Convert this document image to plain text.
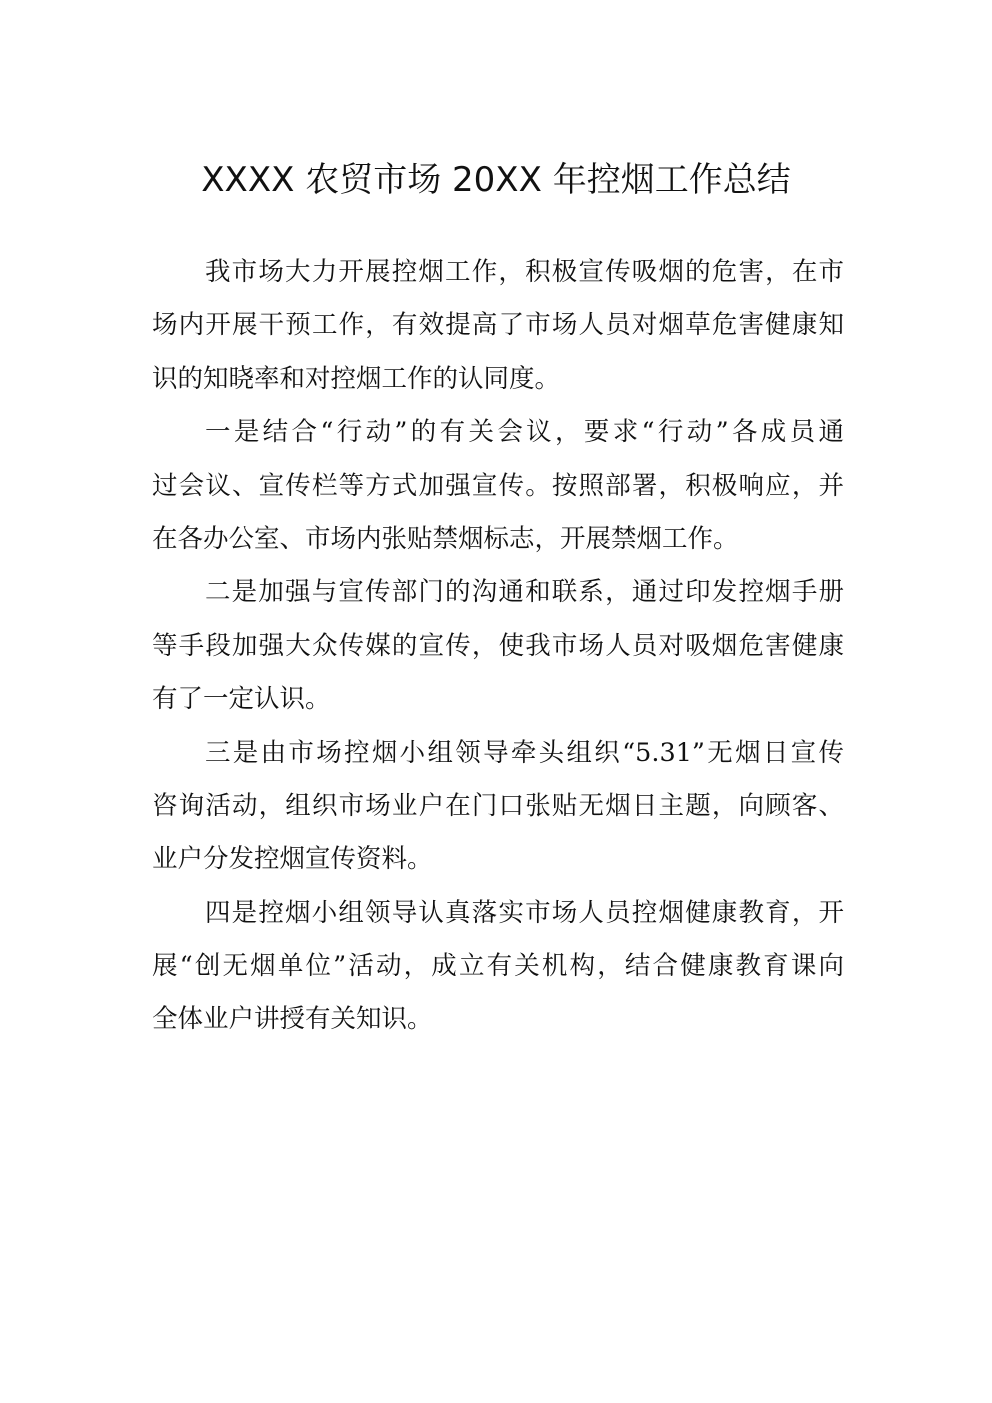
XXXX 农贸市场 20XX 年控烟工作总结
我市场大力开展控烟工作，积极宣传吸烟的危害，在市
场内开展干预工作，有效提高了市场人员对烟草危害健康知
识的知晓率和对控烟工作的认同度。
一是结合“行动”的有关会议，要求“行动”各成员通
过会议、宣传栏等方式加强宣传。按照部署，积极响应，并
在各办公室、市场内张贴禁烟标志，开展禁烟工作。
二是加强与宣传部门的沟通和联系，通过印发控烟手册
等手段加强大众传媒的宣传，使我市场人员对吸烟危害健康
有了一定认识。
三是由市场控烟小组领导牵头组织“5.31”无烟日宣传
咨询活动，组织市场业户在门口张贴无烟日主题，向顾客、
业户分发控烟宣传资料。
四是控烟小组领导认真落实市场人员控烟健康教育，开
展“创无烟单位”活动，成立有关机构，结合健康教育课向
全体业户讲授有关知识。
